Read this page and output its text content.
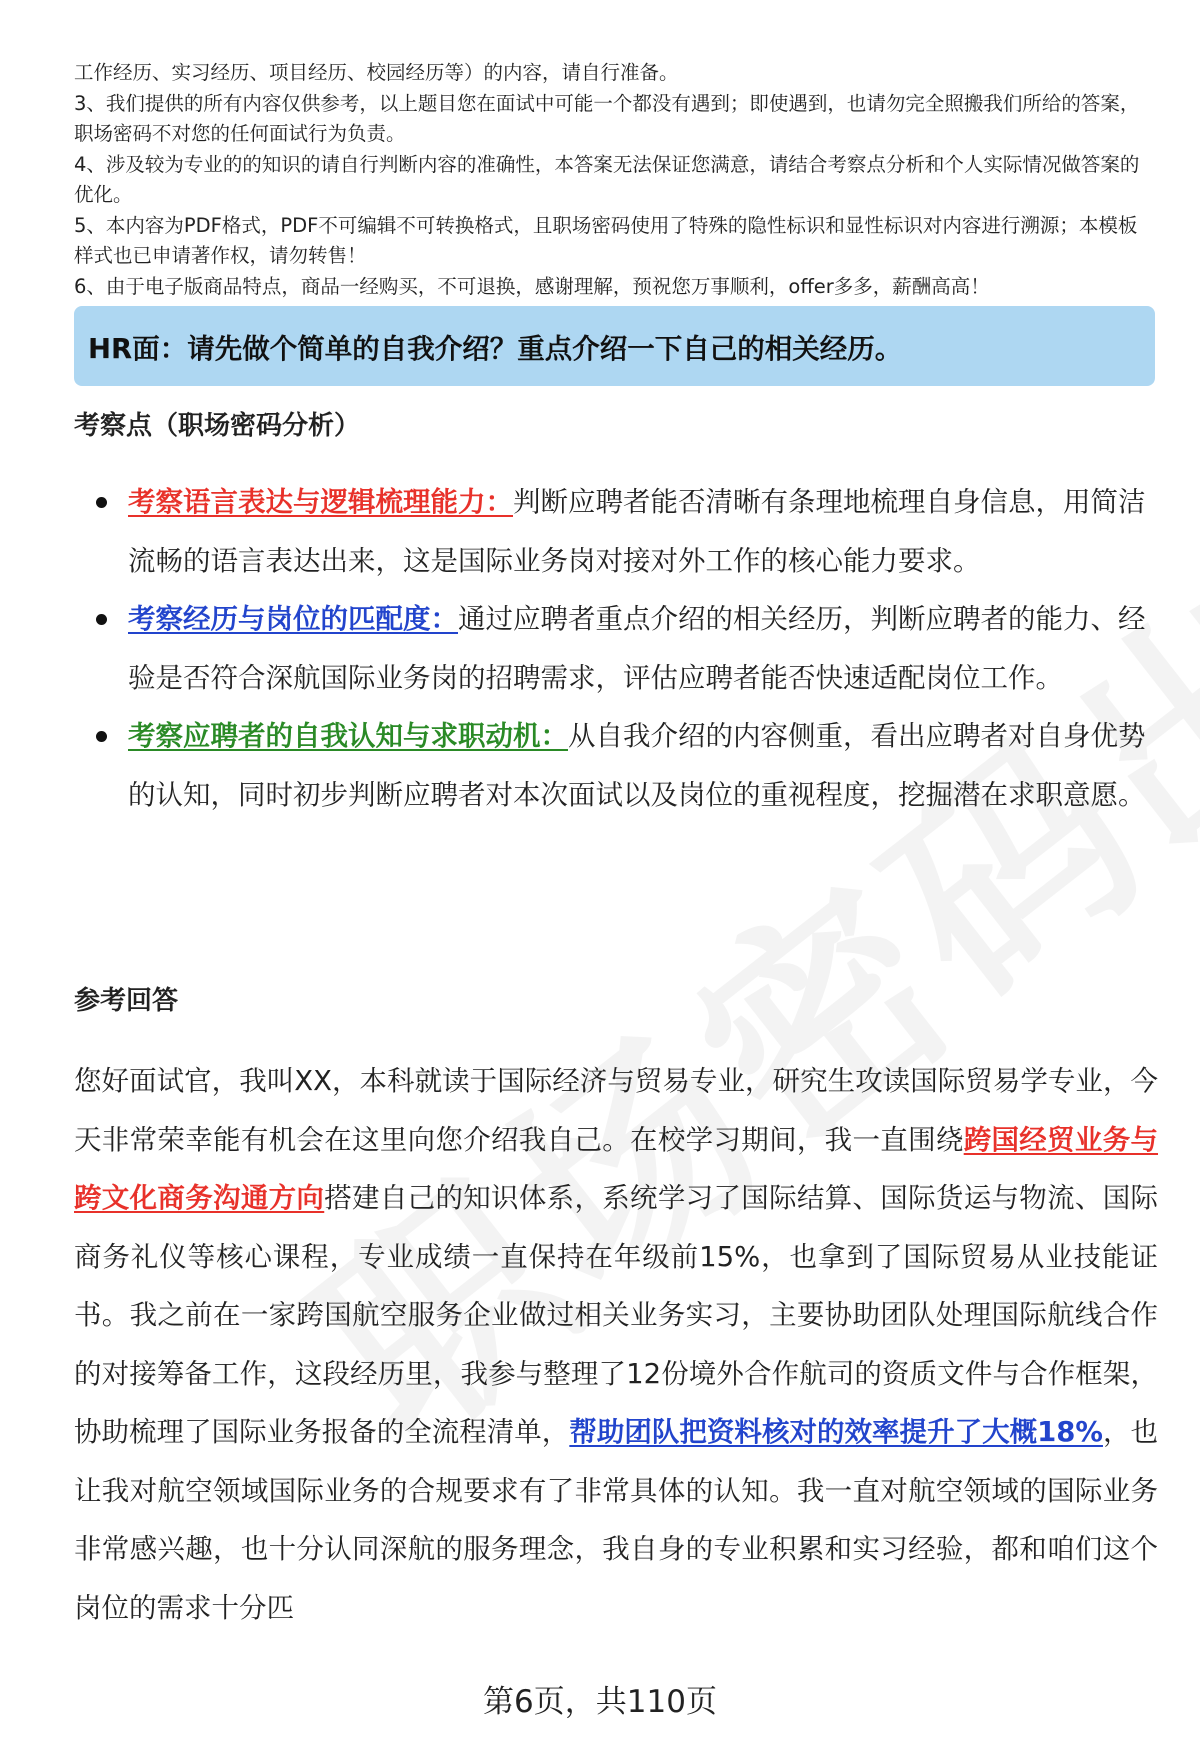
工作经历、实习经历、项目经历、校园经历等）的内容，请自行准备。

3、我们提供的所有内容仅供参考，以上题目您在面试中可能一个都没有遇到；即使遇到，也请勿完全照搬我们所给的答案，职场密码不对您的任何面试行为负责。

4、涉及较为专业的的知识的请自行判断内容的准确性，本答案无法保证您满意，请结合考察点分析和个人实际情况做答案的优化。

5、本内容为PDF格式，PDF不可编辑不可转换格式，且职场密码使用了特殊的隐性标识和显性标识对内容进行溯源；本模板样式也已申请著作权，请勿转售！

6、由于电子版商品特点，商品一经购买，不可退换，感谢理解，预祝您万事顺利，offer多多，薪酬高高！

HR面：请先做个简单的自我介绍？重点介绍一下自己的相关经历。
考察点（职场密码分析）
考察语言表达与逻辑梳理能力：判断应聘者能否清晰有条理地梳理自身信息，用简洁流畅的语言表达出来，这是国际业务岗对接对外工作的核心能力要求。
考察经历与岗位的匹配度：通过应聘者重点介绍的相关经历，判断应聘者的能力、经验是否符合深航国际业务岗的招聘需求，评估应聘者能否快速适配岗位工作。
考察应聘者的自我认知与求职动机：从自我介绍的内容侧重，看出应聘者对自身优势的认知，同时初步判断应聘者对本次面试以及岗位的重视程度，挖掘潜在求职意愿。
参考回答

您好面试官，我叫XX，本科就读于国际经济与贸易专业，研究生攻读国际贸易学专业，今天非常荣幸能有机会在这里向您介绍我自己。在校学习期间，我一直围绕跨国经贸业务与跨文化商务沟通方向搭建自己的知识体系，系统学习了国际结算、国际货运与物流、国际商务礼仪等核心课程，专业成绩一直保持在年级前15%，也拿到了国际贸易从业技能证书。我之前在一家跨国航空服务企业做过相关业务实习，主要协助团队处理国际航线合作的对接筹备工作，这段经历里，我参与整理了12份境外合作航司的资质文件与合作框架，协助梳理了国际业务报备的全流程清单，帮助团队把资料核对的效率提升了大概18%，也让我对航空领域国际业务的合规要求有了非常具体的认知。我一直对航空领域的国际业务非常感兴趣，也十分认同深航的服务理念，我自身的专业积累和实习经验，都和咱们这个岗位的需求十分匹

第6页，共110页
